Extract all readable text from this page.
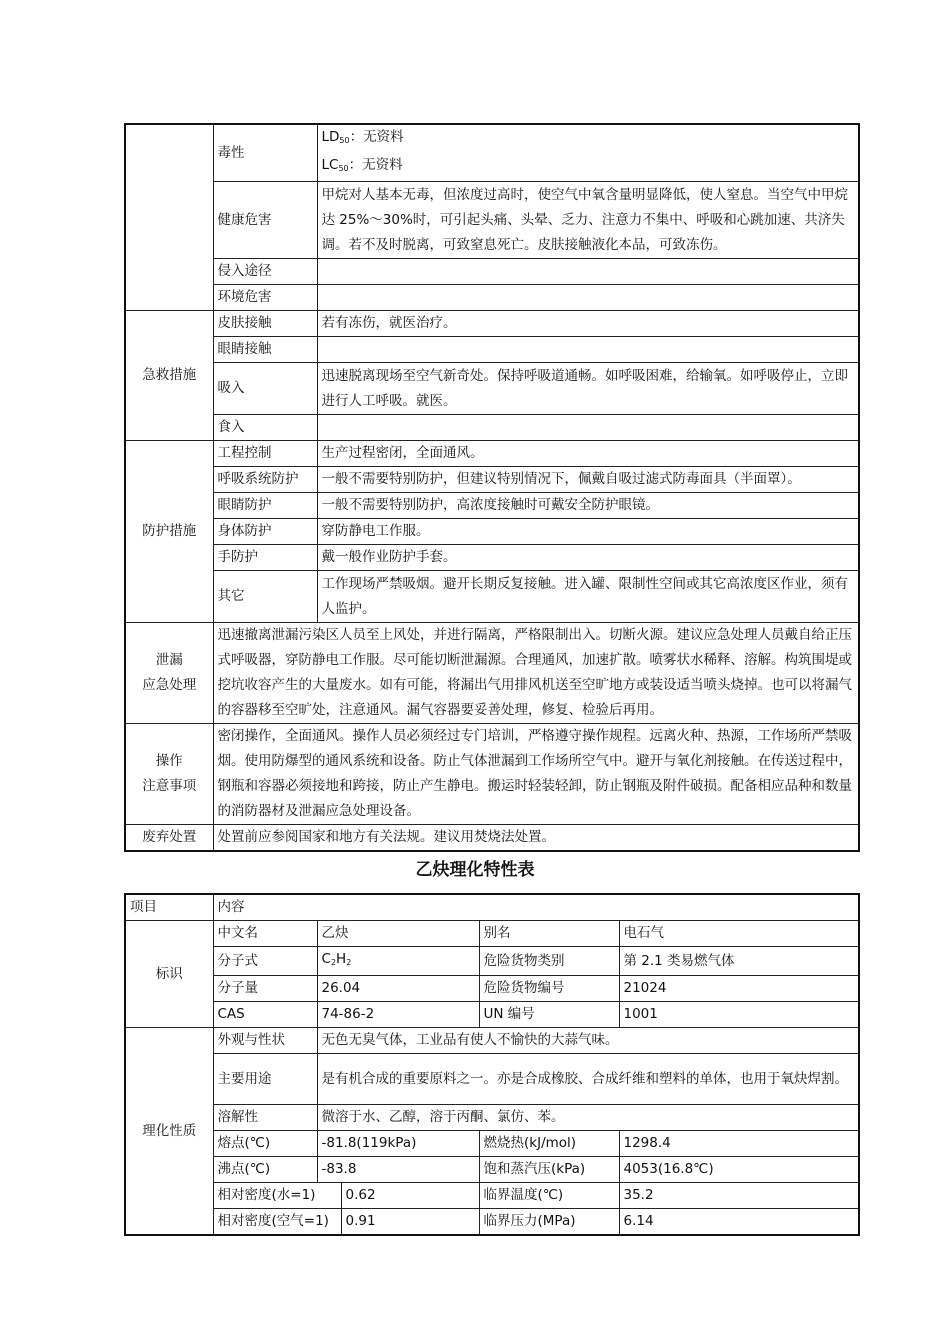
	毒性	$LD_{50}$：无资料
$LC_{50}$：无资料

	健康危害	甲烷对人基本无毒，但浓度过高时，使空气中氧含量明显降低，使人窒息。当空气中甲烷达 25%～30%时，可引起头痛、头晕、乏力、注意力不集中、呼吸和心跳加速、共济失调。若不及时脱离，可致窒息死亡。皮肤接触液化本品，可致冻伤。
	侵入途径	
	环境危害	
急救措施	皮肤接触	若有冻伤，就医治疗。
	眼睛接触	
	吸入	迅速脱离现场至空气新奇处。保持呼吸道通畅。如呼吸困难，给输氧。如呼吸停止，立即进行人工呼吸。就医。
	食入	
防护措施	工程控制	生产过程密闭，全面通风。
	呼吸系统防护	一般不需要特别防护，但建议特别情况下，佩戴自吸过滤式防毒面具（半面罩）。
	眼睛防护	一般不需要特别防护，高浓度接触时可戴安全防护眼镜。
	身体防护	穿防静电工作服。
	手防护	戴一般作业防护手套。
	其它	工作现场严禁吸烟。避开长期反复接触。进入罐、限制性空间或其它高浓度区作业，须有人监护。

泄漏
应急处理	迅速撤离泄漏污染区人员至上风处，并进行隔离，严格限制出入。切断火源。建议应急处理人员戴自给正压式呼吸器，穿防静电工作服。尽可能切断泄漏源。合理通风，加速扩散。喷雾状水稀释、溶解。构筑围堤或挖坑收容产生的大量废水。如有可能，将漏出气用排风机送至空旷地方或装设适当喷头烧掉。也可以将漏气的容器移至空旷处，注意通风。漏气容器要妥善处理，修复、检验后再用。	

操作
注意事项	密闭操作，全面通风。操作人员必须经过专门培训，严格遵守操作规程。远离火种、热源，工作场所严禁吸烟。使用防爆型的通风系统和设备。防止气体泄漏到工作场所空气中。避开与氧化剂接触。在传送过程中，钢瓶和容器必须接地和跨接，防止产生静电。搬运时轻装轻卸，防止钢瓶及附件破损。配备相应品种和数量的消防器材及泄漏应急处理设备。	
废弃处置	处置前应参阅国家和地方有关法规。建议用焚烧法处置。	
乙炔理化特性表
项目	内容				
标识	中文名	乙炔		别名	电石气
	分子式	$C_2H_2$		危险货物类别	第 2.1 类易燃气体
	分子量	26.04		危险货物编号	21024
	CAS	74-86-2		UN 编号	1001
理化性质	外观与性状	无色无臭气体，工业品有使人不愉快的大蒜气味。			
	主要用途	是有机合成的重要原料之一。亦是合成橡胶、合成纤维和塑料的单体，也用于氧炔焊割。			
	溶解性	微溶于水、乙醇，溶于丙酮、氯仿、苯。			
	熔点(℃)	-81.8(119kPa)		燃烧热(kJ/mol)	1298.4
	沸点(℃)	-83.8		饱和蒸汽压(kPa)	4053(16.8℃)
	相对密度(水=1)		0.62	临界温度(℃)	35.2
	相对密度(空气=1)		0.91	临界压力(MPa)	6.14
